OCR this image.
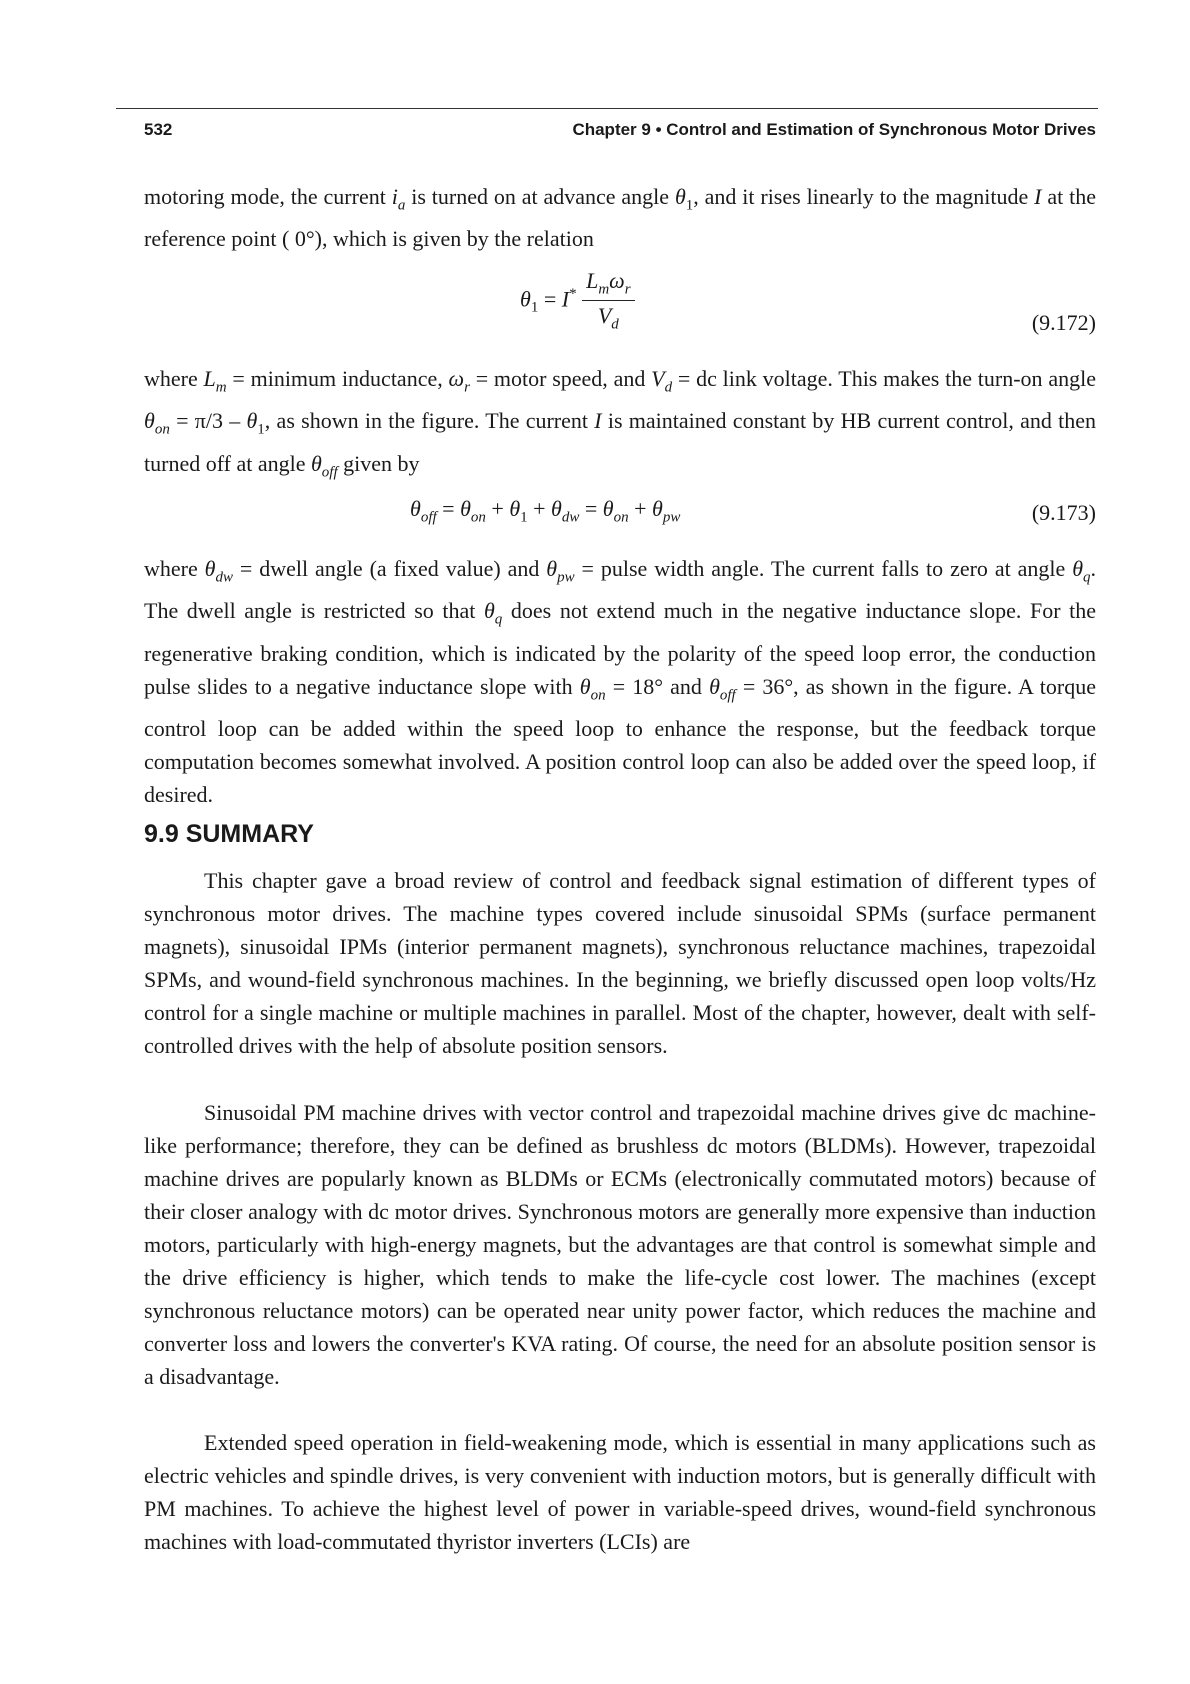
532	Chapter 9 • Control and Estimation of Synchronous Motor Drives
motoring mode, the current $i_a$ is turned on at advance angle $\theta_1$, and it rises linearly to the magnitude I at the reference point ( 0°), which is given by the relation
$\theta_1 = I^* \frac{L_m\omega_r}{V_d}$	(9.172)
where $L_m$ = minimum inductance, $\omega_r$ = motor speed, and $V_d$ = dc link voltage. This makes the turn-on angle $\theta_{on} = \pi/3 - \theta_1$, as shown in the figure. The current I is maintained constant by HB current control, and then turned off at angle $\theta_{off}$ given by
$\theta_{off} = \theta_{on} + \theta_1 + \theta_{dw} = \theta_{on} + \theta_{pw}$	(9.173)
where $\theta_{dw}$ = dwell angle (a fixed value) and $\theta_{pw}$ = pulse width angle. The current falls to zero at angle $\theta_q$. The dwell angle is restricted so that $\theta_q$ does not extend much in the negative inductance slope. For the regenerative braking condition, which is indicated by the polarity of the speed loop error, the conduction pulse slides to a negative inductance slope with $\theta_{on} = 18^\circ$ and $\theta_{off} = 36^\circ$, as shown in the figure. A torque control loop can be added within the speed loop to enhance the response, but the feedback torque computation becomes somewhat involved. A position control loop can also be added over the speed loop, if desired.
9.9 SUMMARY
This chapter gave a broad review of control and feedback signal estimation of different types of synchronous motor drives. The machine types covered include sinusoidal SPMs (surface permanent magnets), sinusoidal IPMs (interior permanent magnets), synchronous reluctance machines, trapezoidal SPMs, and wound-field synchronous machines. In the beginning, we briefly discussed open loop volts/Hz control for a single machine or multiple machines in parallel. Most of the chapter, however, dealt with self-controlled drives with the help of absolute position sensors.
Sinusoidal PM machine drives with vector control and trapezoidal machine drives give dc machine-like performance; therefore, they can be defined as brushless dc motors (BLDMs). However, trapezoidal machine drives are popularly known as BLDMs or ECMs (electronically commutated motors) because of their closer analogy with dc motor drives. Synchronous motors are generally more expensive than induction motors, particularly with high-energy magnets, but the advantages are that control is somewhat simple and the drive efficiency is higher, which tends to make the life-cycle cost lower. The machines (except synchronous reluctance motors) can be operated near unity power factor, which reduces the machine and converter loss and lowers the converter's KVA rating. Of course, the need for an absolute position sensor is a disadvantage.
Extended speed operation in field-weakening mode, which is essential in many applications such as electric vehicles and spindle drives, is very convenient with induction motors, but is generally difficult with PM machines. To achieve the highest level of power in variable-speed drives, wound-field synchronous machines with load-commutated thyristor inverters (LCIs) are
